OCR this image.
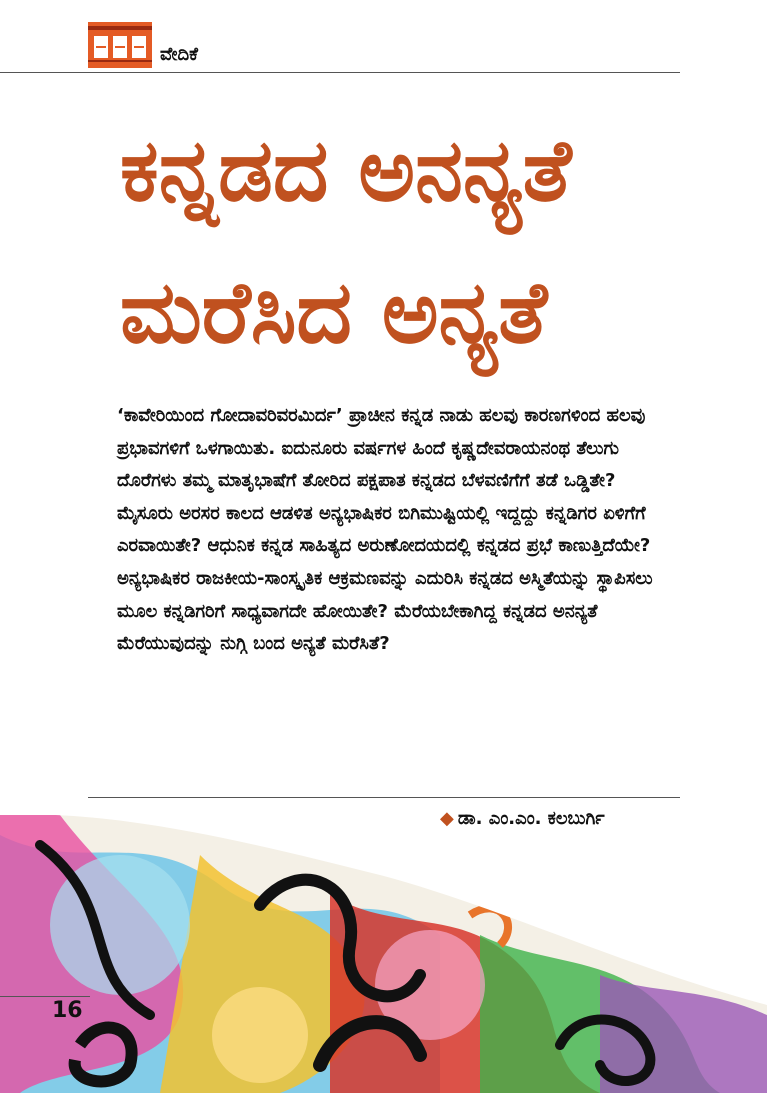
ವೇದಿಕೆ
ಕನ್ನಡದ ಅನನ್ಯತೆ
ಮರೆಸಿದ ಅನ್ಯತೆ

‘ಕಾವೇರಿಯಿಂದ ಗೋದಾವರಿವರಮಿರ್ದ’ ಪ್ರಾಚೀನ ಕನ್ನಡ ನಾಡು ಹಲವು ಕಾರಣಗಳಿಂದ ಹಲವು ಪ್ರಭಾವಗಳಿಗೆ ಒಳಗಾಯಿತು. ಐದುನೂರು ವರ್ಷಗಳ ಹಿಂದೆ ಕೃಷ್ಣದೇವರಾಯನಂಥ ತೆಲುಗು ದೊರೆಗಳು ತಮ್ಮ ಮಾತೃಭಾಷೆಗೆ ತೋರಿದ ಪಕ್ಷಪಾತ ಕನ್ನಡದ ಬೆಳವಣಿಗೆಗೆ ತಡೆ ಒಡ್ಡಿತೇ? ಮೈಸೂರು ಅರಸರ ಕಾಲದ ಆಡಳಿತ ಅನ್ಯಭಾಷಿಕರ ಬಿಗಿಮುಷ್ಟಿಯಲ್ಲಿ ಇದ್ದದ್ದು ಕನ್ನಡಿಗರ ಏಳಿಗೆಗೆ ಎರವಾಯಿತೇ? ಆಧುನಿಕ ಕನ್ನಡ ಸಾಹಿತ್ಯದ ಅರುಣೋದಯದಲ್ಲಿ ಕನ್ನಡದ ಪ್ರಭೆ ಕಾಣುತ್ತಿದೆಯೇ? ಅನ್ಯಭಾಷಿಕರ ರಾಜಕೀಯ-ಸಾಂಸ್ಕೃತಿಕ ಆಕ್ರಮಣವನ್ನು ಎದುರಿಸಿ ಕನ್ನಡದ ಅಸ್ಮಿತೆಯನ್ನು ಸ್ಥಾಪಿಸಲು ಮೂಲ ಕನ್ನಡಿಗರಿಗೆ ಸಾಧ್ಯವಾಗದೇ ಹೋಯಿತೇ? ಮೆರೆಯಬೇಕಾಗಿದ್ದ ಕನ್ನಡದ ಅನನ್ಯತೆ ಮೆರೆಯುವುದನ್ನು ನುಗ್ಗಿ ಬಂದ ಅನ್ಯತೆ ಮರೆಸಿತೆ?

◆ ಡಾ. ಎಂ.ಎಂ. ಕಲಬುರ್ಗಿ
16
